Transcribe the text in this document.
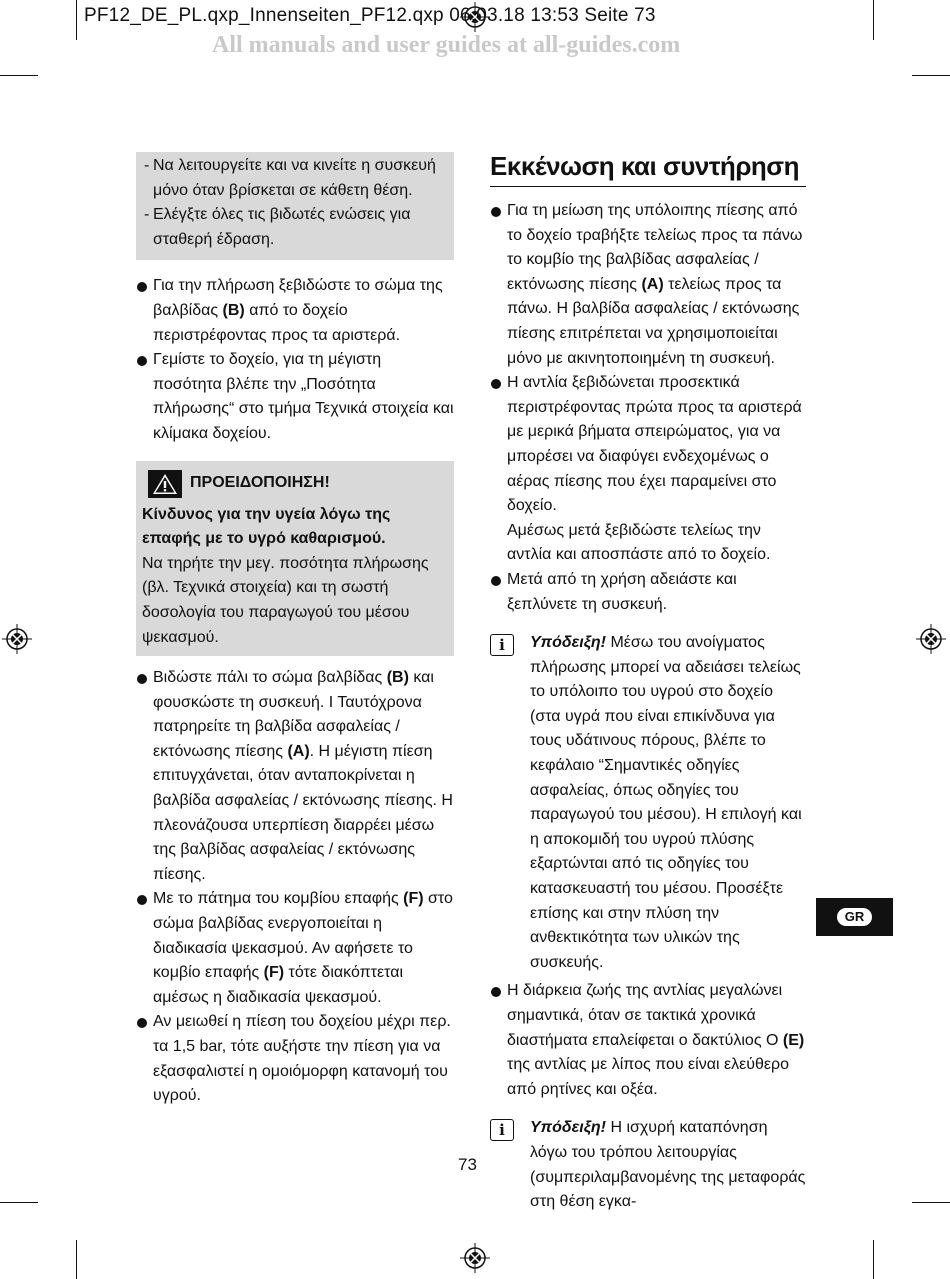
PF12_DE_PL.qxp_Innenseiten_PF12.qxp 06.03.18 13:53 Seite 73
All manuals and user guides at all-guides.com
- Να λειτουργείτε και να κινείτε η συσκευή μόνο όταν βρίσκεται σε κάθετη θέση.
- Ελέγξτε όλες τις βιδωτές ενώσεις για σταθερή έδραση.
Για την πλήρωση ξεβιδώστε το σώμα της βαλβίδας (B) από το δοχείο περιστρέφοντας προς τα αριστερά.
Γεμίστε το δοχείο, για τη μέγιστη ποσότητα βλέπε την „Ποσότητα πλήρωσης“ στο τμήμα Τεχνικά στοιχεία και κλίμακα δοχείου.
ΠΡΟΕΙΔΟΠΟΙΗΣΗ!
Κίνδυνος για την υγεία λόγω της επαφής με το υγρό καθαρισμού.
Να τηρήτε την μεγ. ποσότητα πλήρωσης (βλ. Τεχνικά στοιχεία) και τη σωστή δοσολογία του παραγωγού του μέσου ψεκασμού.
Βιδώστε πάλι το σώμα βαλβίδας (B) και φουσκώστε τη συσκευή. Ι Ταυτόχρονα πατρηρείτε τη βαλβίδα ασφαλείας / εκτόνωσης πίεσης (A). Η μέγιστη πίεση επιτυγχάνεται, όταν ανταποκρίνεται η βαλβίδα ασφαλείας / εκτόνωσης πίεσης. Η πλεονάζουσα υπερπίεση διαρρέει μέσω της βαλβίδας ασφαλείας / εκτόνωσης πίεσης.
Με το πάτημα του κομβίου επαφής (F) στο σώμα βαλβίδας ενεργοποιείται η διαδικασία ψεκασμού. Αν αφήσετε το κομβίο επαφής (F) τότε διακόπτεται αμέσως η διαδικασία ψεκασμού.
Αν μειωθεί η πίεση του δοχείου μέχρι περ. τα 1,5 bar, τότε αυξήστε την πίεση για να εξασφαλιστεί η ομοιόμορφη κατανομή του υγρού.
Εκκένωση και συντήρηση
Για τη μείωση της υπόλοιπης πίεσης από το δοχείο τραβήξτε τελείως προς τα πάνω το κομβίο της βαλβίδας ασφαλείας / εκτόνωσης πίεσης (A) τελείως προς τα πάνω. Η βαλβίδα ασφαλείας / εκτόνωσης πίεσης επιτρέπεται να χρησιμοποιείται μόνο με ακινητοποιημένη τη συσκευή.
Η αντλία ξεβιδώνεται προσεκτικά περιστρέφοντας πρώτα προς τα αριστερά με μερικά βήματα σπειρώματος, για να μπορέσει να διαφύγει ενδεχομένως ο αέρας πίεσης που έχει παραμείνει στο δοχείο.
Αμέσως μετά ξεβιδώστε τελείως την αντλία και αποσπάστε από το δοχείο.
Μετά από τη χρήση αδειάστε και ξεπλύνετε τη συσκευή.
i	Υπόδειξη! Μέσω του ανοίγματος πλήρωσης μπορεί να αδειάσει τελείως το υπόλοιπο του υγρού στο δοχείο (στα υγρά που είναι επικίνδυνα για τους υδάτινους πόρους, βλέπε το κεφάλαιο “Σημαντικές οδηγίες ασφαλείας, όπως οδηγίες του παραγωγού του μέσου). Η επιλογή και η αποκομιδή του υγρού πλύσης εξαρτώνται από τις οδηγίες του κατασκευαστή του μέσου. Προσέξτε επίσης και στην πλύση την ανθεκτικότητα των υλικών της συσκευής.
Η διάρκεια ζωής της αντλίας μεγαλώνει σημαντικά, όταν σε τακτικά χρονικά διαστήματα επαλείφεται ο δακτύλιος Ο (E) της αντλίας με λίπος που είναι ελεύθερο από ρητίνες και οξέα.
i	Υπόδειξη! Η ισχυρή καταπόνηση λόγω του τρόπου λειτουργίας (συμπεριλαμβανομένης της μεταφοράς στη θέση εγκα-
GR
73
